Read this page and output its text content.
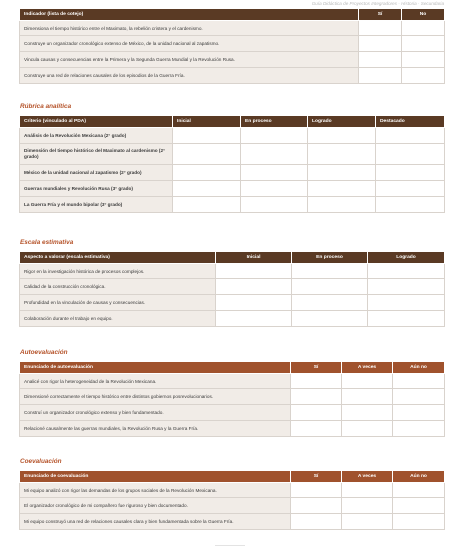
Guía Didáctica de Proyectos Integradores · Historia · Secundaria
Indicador (lista de cotejo)	Sí	No
Dimensiona el tiempo histórico entre el Maximato, la rebelión cristera y el cardenismo.		
Construye un organizador cronológico extenso de México, de la unidad nacional al zapatismo.		
Vincula causas y consecuencias entre la Primera y la Segunda Guerra Mundial y la Revolución Rusa.		
Construye una red de relaciones causales de los episodios de la Guerra Fría.		
Rúbrica analítica
Criterio (vinculado al PDA)	Inicial	En proceso	Logrado	Destacado
Análisis de la Revolución Mexicana (2° grado)				
Dimensión del tiempo histórico del Maximato al cardenismo (2° grado)				
México de la unidad nacional al zapatismo (2° grado)				
Guerras mundiales y Revolución Rusa (3° grado)				
La Guerra Fría y el mundo bipolar (3° grado)				
Escala estimativa
Aspecto a valorar (escala estimativa)	Inicial	En proceso	Logrado
Rigor en la investigación histórica de procesos complejos.			
Calidad de la construcción cronológica.			
Profundidad en la vinculación de causas y consecuencias.			
Colaboración durante el trabajo en equipo.			
Autoevaluación
Enunciado de autoevaluación	Sí	A veces	Aún no
Analicé con rigor la heterogeneidad de la Revolución Mexicana.			
Dimensioné correctamente el tiempo histórico entre distintos gobiernos posrevolucionarios.			
Construí un organizador cronológico extenso y bien fundamentado.			
Relacioné causalmente las guerras mundiales, la Revolución Rusa y la Guerra Fría.			
Coevaluación
Enunciado de coevaluación	Sí	A veces	Aún no
Mi equipo analizó con rigor las demandas de los grupos sociales de la Revolución Mexicana.			
El organizador cronológico de mi compañero fue riguroso y bien documentado.			
Mi equipo construyó una red de relaciones causales clara y bien fundamentada sobre la Guerra Fría.			
